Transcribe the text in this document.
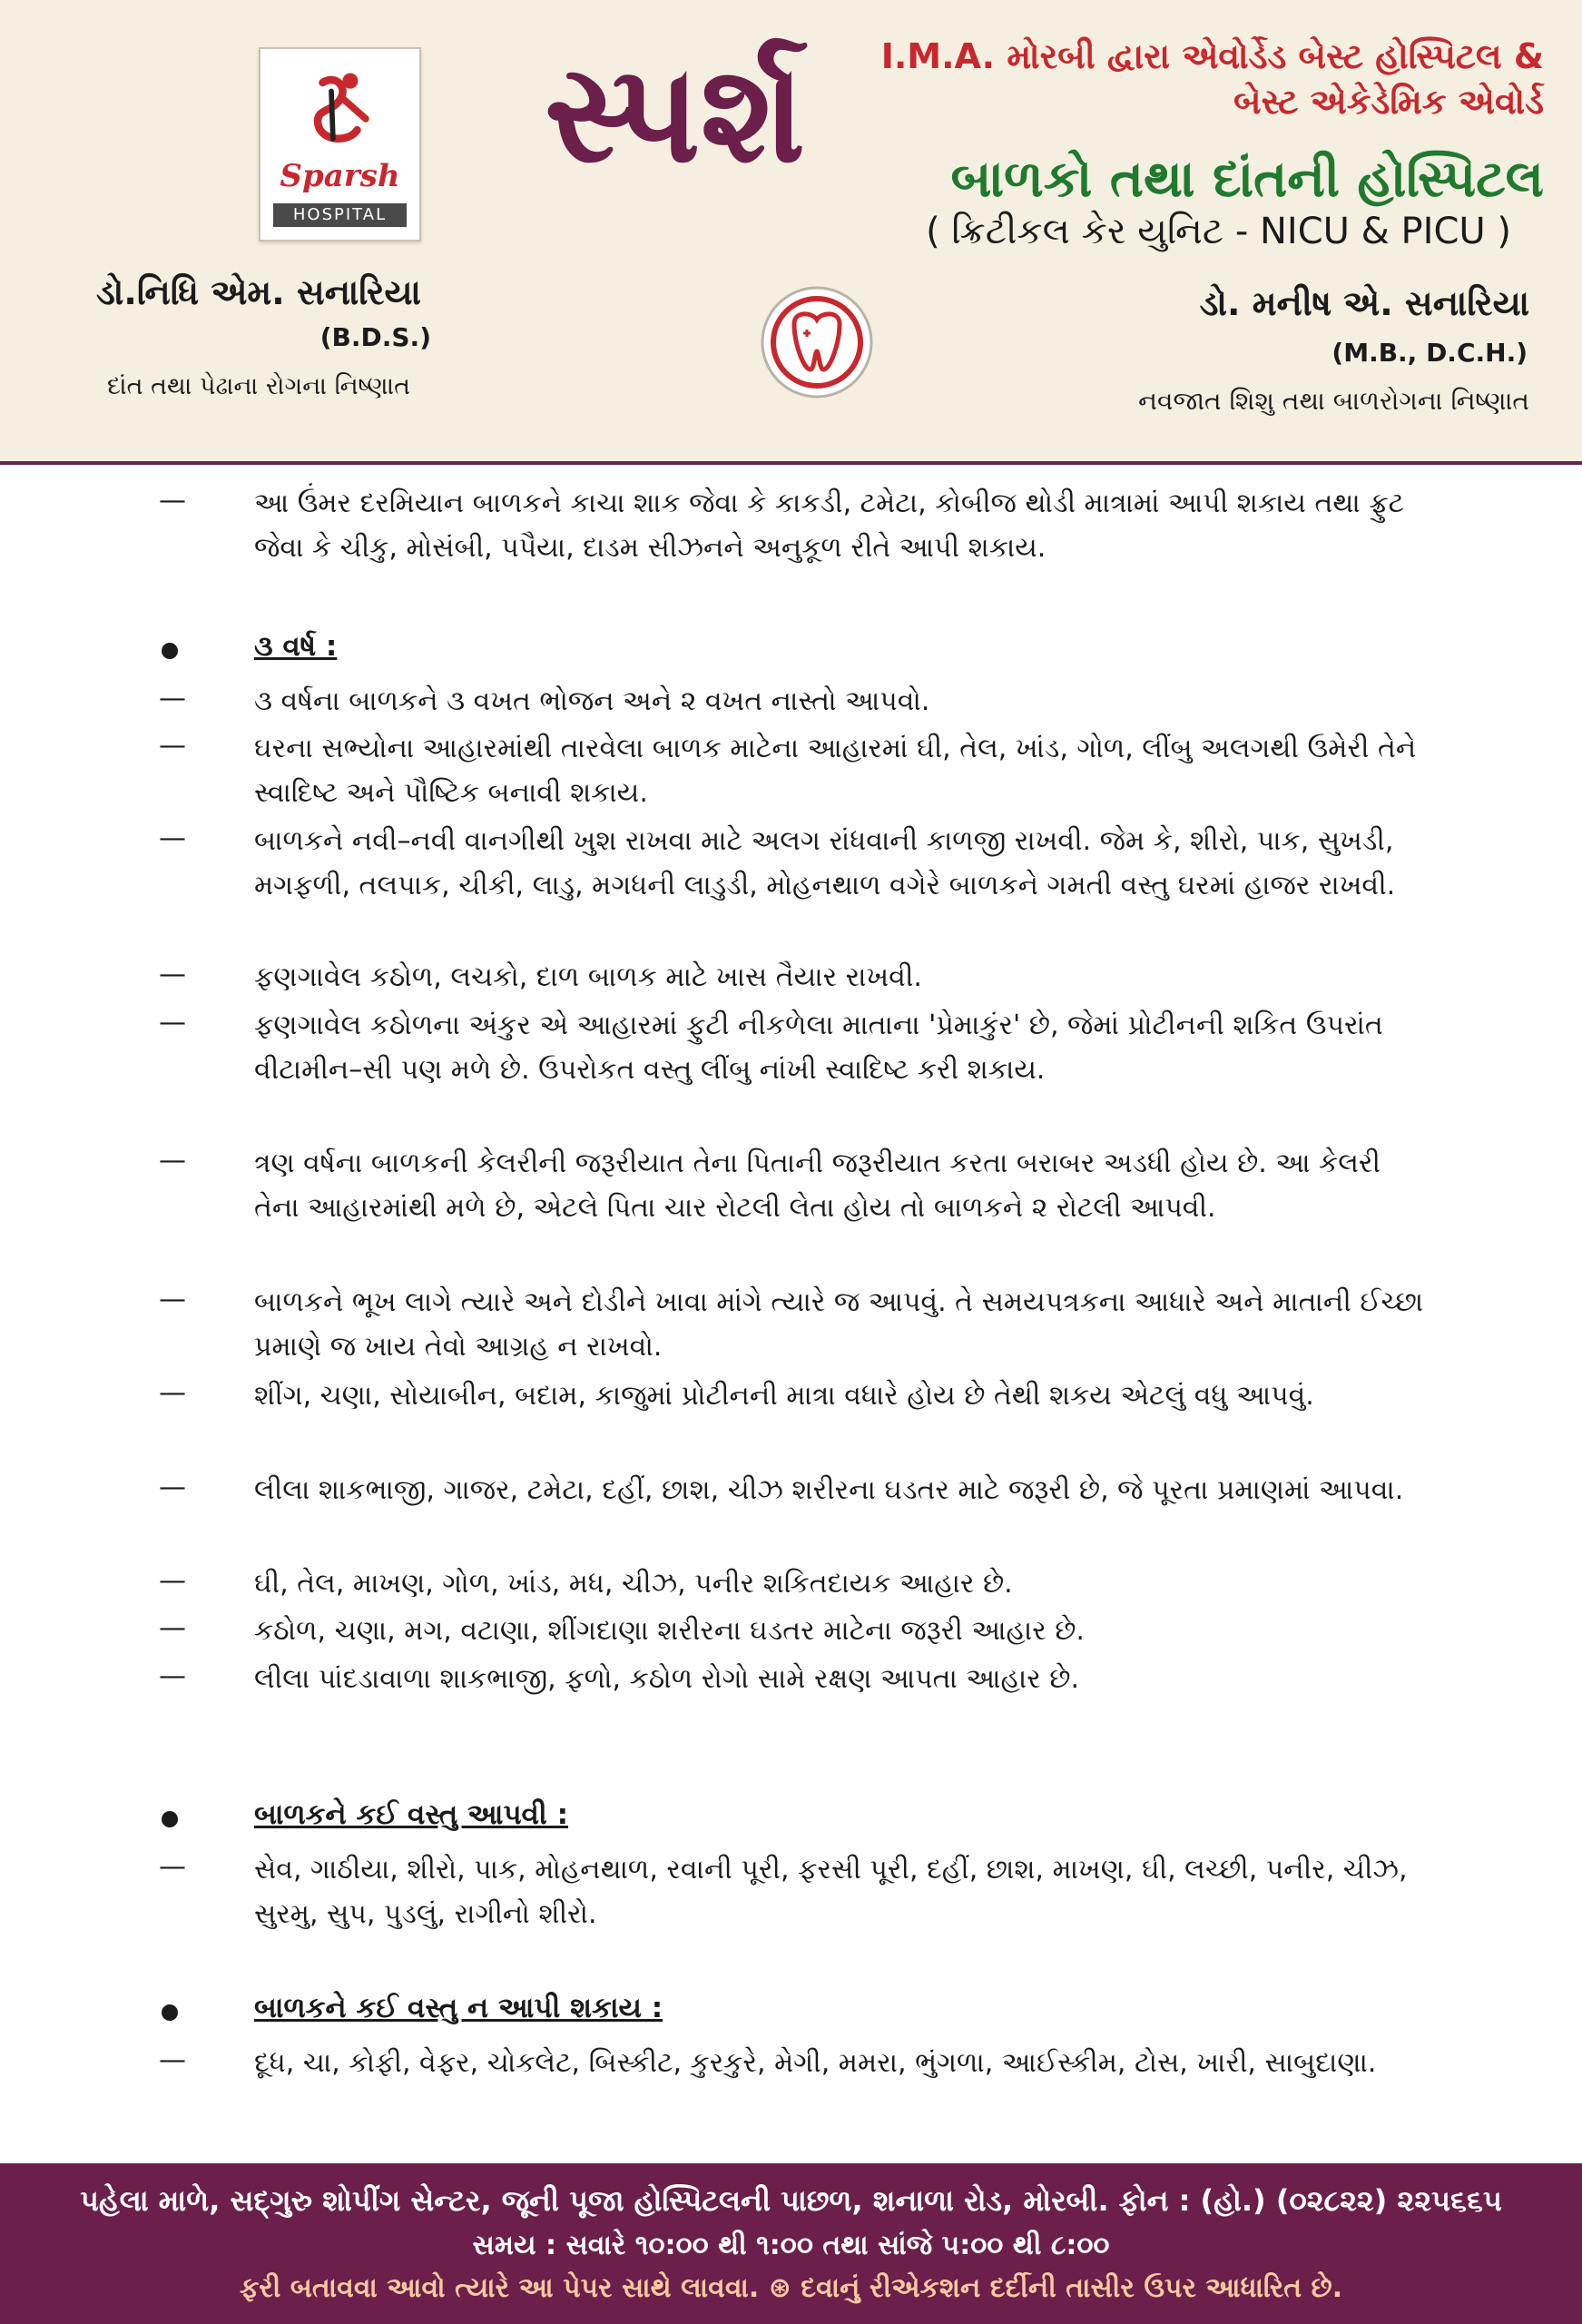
Sparsh
HOSPITAL
સ્પર્શ I.M.A. મોરબી દ્વારા એવોર્ડેડ બેસ્ટ હોસ્પિટલ &
બેસ્ટ એકેડેમિક એવોર્ડ
બાળકો તથા દાંતની હોસ્પિટલ
( ક્રિટીકલ કેર યુનિટ - NICU & PICU )
ડો.નિધિ એમ. સનારિયા
(B.D.S.)
દાંત તથા પેઢાના રોગના નિષ્ણાત
ડો. મનીષ એ. સનારિયા
(M.B., D.C.H.)
નવજાત શિશુ તથા બાળરોગના નિષ્ણાત
—	આ ઉંમર દરમિયાન બાળકને કાચા શાક જેવા કે કાકડી, ટમેટા, કોબીજ થોડી માત્રામાં આપી શકાય તથા ફ્રુટ જેવા કે ચીકુ, મોસંબી, પપૈયા, દાડમ સીઝનને અનુકૂળ રીતે આપી શકાય.
૩ વર્ષ :
—	૩ વર્ષના બાળકને ૩ વખત ભોજન અને ૨ વખત નાસ્તો આપવો.
—	ઘરના સભ્યોના આહારમાંથી તારવેલા બાળક માટેના આહારમાં ઘી, તેલ, ખાંડ, ગોળ, લીંબુ અલગથી ઉમેરી તેને સ્વાદિષ્ટ અને પૌષ્ટિક બનાવી શકાય.
—	બાળકને નવી–નવી વાનગીથી ખુશ રાખવા માટે અલગ રાંધવાની કાળજી રાખવી. જેમ કે, શીરો, પાક, સુખડી, મગફળી, તલપાક, ચીકી, લાડુ, મગધની લાડુડી, મોહનથાળ વગેરે બાળકને ગમતી વસ્તુ ઘરમાં હાજર રાખવી.
—	ફણગાવેલ કઠોળ, લચકો, દાળ બાળક માટે ખાસ તૈયાર રાખવી.
—	ફણગાવેલ કઠોળના અંકુર એ આહારમાં ફુટી નીકળેલા માતાના 'પ્રેમાકુંર' છે, જેમાં પ્રોટીનની શકિત ઉપરાંત વીટામીન–સી પણ મળે છે. ઉપરોકત વસ્તુ લીંબુ નાંખી સ્વાદિષ્ટ કરી શકાય.
—	ત્રણ વર્ષના બાળકની કેલરીની જરૂરીયાત તેના પિતાની જરૂરીયાત કરતા બરાબર અડધી હોય છે. આ કેલરી તેના આહારમાંથી મળે છે, એટલે પિતા ચાર રોટલી લેતા હોય તો બાળકને ૨ રોટલી આપવી.
—	બાળકને ભૂખ લાગે ત્યારે અને દોડીને ખાવા માંગે ત્યારે જ આપવું. તે સમયપત્રકના આધારે અને માતાની ઈચ્છા પ્રમાણે જ ખાય તેવો આગ્રહ ન રાખવો.
—	શીંગ, ચણા, સોયાબીન, બદામ, કાજુમાં પ્રોટીનની માત્રા વધારે હોય છે તેથી શકય એટલું વધુ આપવું.
—	લીલા શાકભાજી, ગાજર, ટમેટા, દહીં, છાશ, ચીઝ શરીરના ઘડતર માટે જરૂરી છે, જે પૂરતા પ્રમાણમાં આપવા.
—	ઘી, તેલ, માખણ, ગોળ, ખાંડ, મધ, ચીઝ, પનીર શકિતદાયક આહાર છે.
—	કઠોળ, ચણા, મગ, વટાણા, શીંગદાણા શરીરના ઘડતર માટેના જરૂરી આહાર છે.
—	લીલા પાંદડાવાળા શાકભાજી, ફળો, કઠોળ રોગો સામે રક્ષણ આપતા આહાર છે.
બાળકને કઈ વસ્તુ આપવી :
—	સેવ, ગાઠીયા, શીરો, પાક, મોહનથાળ, રવાની પૂરી, ફરસી પૂરી, દહીં, છાશ, માખણ, ઘી, લચ્છી, પનીર, ચીઝ, સુરમુ, સુપ, પુડલું, રાગીનો શીરો.
બાળકને કઈ વસ્તુ ન આપી શકાય :
—	દૂધ, ચા, કોફી, વેફર, ચોકલેટ, બિસ્કીટ, કુરકુરે, મેગી, મમરા, ભુંગળા, આઈસ્કીમ, ટોસ, ખારી, સાબુદાણા.
પહેલા માળે, સદ્ગુરુ શોપીંગ સેન્ટર, જૂની પૂજા હોસ્પિટલની પાછળ, શનાળા રોડ, મોરબી. ફોન : (હો.) (૦૨૮૨૨) ૨૨૫૬૬૫
સમય : સવારે ૧૦:૦૦ થી ૧:૦૦ તથા સાંજે ૫:૦૦ થી ૮:૦૦
ફરી બતાવવા આવો ત્યારે આ પેપર સાથે લાવવા. ⊛ દવાનું રીએકશન દર્દીની તાસીર ઉપર આધારિત છે.
